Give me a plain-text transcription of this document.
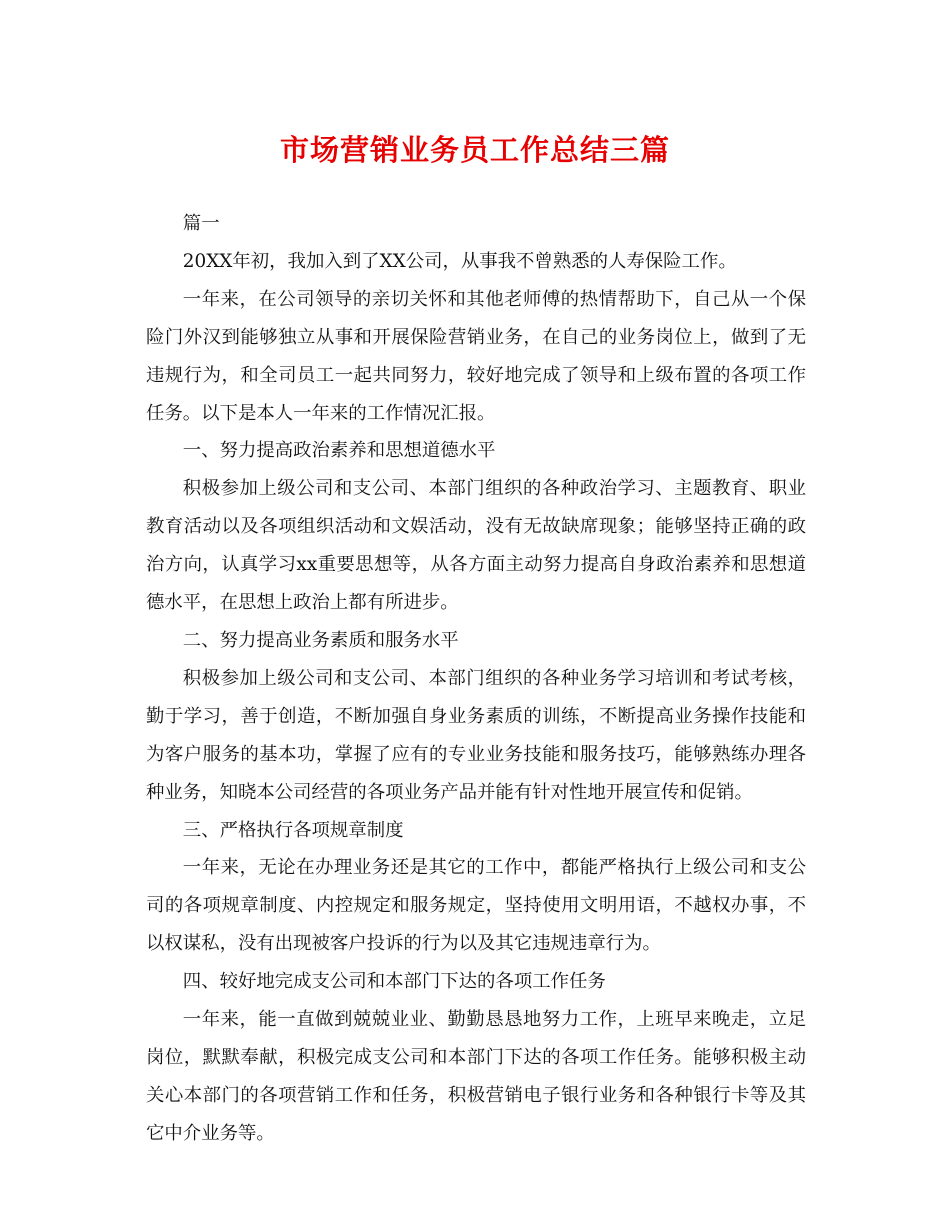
市场营销业务员工作总结三篇

篇一

20XX年初，我加入到了XX公司，从事我不曾熟悉的人寿保险工作。

一年来，在公司领导的亲切关怀和其他老师傅的热情帮助下，自己从一个保险门外汉到能够独立从事和开展保险营销业务，在自己的业务岗位上，做到了无违规行为，和全司员工一起共同努力，较好地完成了领导和上级布置的各项工作任务。以下是本人一年来的工作情况汇报。

一、努力提高政治素养和思想道德水平

积极参加上级公司和支公司、本部门组织的各种政治学习、主题教育、职业教育活动以及各项组织活动和文娱活动，没有无故缺席现象；能够坚持正确的政治方向，认真学习xx重要思想等，从各方面主动努力提高自身政治素养和思想道德水平，在思想上政治上都有所进步。

二、努力提高业务素质和服务水平

积极参加上级公司和支公司、本部门组织的各种业务学习培训和考试考核，勤于学习，善于创造，不断加强自身业务素质的训练，不断提高业务操作技能和为客户服务的基本功，掌握了应有的专业业务技能和服务技巧，能够熟练办理各种业务，知晓本公司经营的各项业务产品并能有针对性地开展宣传和促销。

三、严格执行各项规章制度

一年来，无论在办理业务还是其它的工作中，都能严格执行上级公司和支公司的各项规章制度、内控规定和服务规定，坚持使用文明用语，不越权办事，不以权谋私，没有出现被客户投诉的行为以及其它违规违章行为。

四、较好地完成支公司和本部门下达的各项工作任务

一年来，能一直做到兢兢业业、勤勤恳恳地努力工作，上班早来晚走，立足岗位，默默奉献，积极完成支公司和本部门下达的各项工作任务。能够积极主动关心本部门的各项营销工作和任务，积极营销电子银行业务和各种银行卡等及其它中介业务等。
